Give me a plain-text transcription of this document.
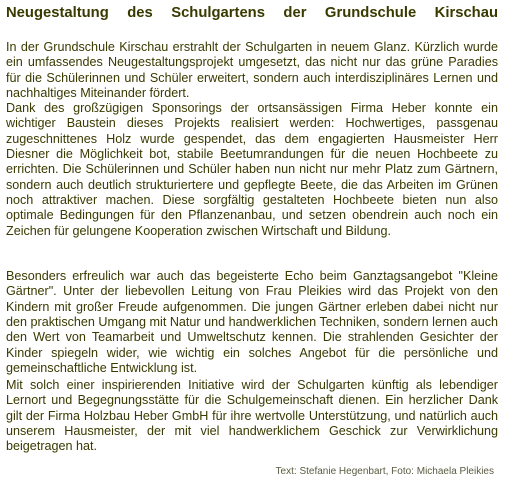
Neugestaltung des Schulgartens der Grundschule Kirschau

In der Grundschule Kirschau erstrahlt der Schulgarten in neuem Glanz. Kürzlich wurde ein umfassendes Neugestaltungsprojekt umgesetzt, das nicht nur das grüne Paradies für die Schülerinnen und Schüler erweitert, sondern auch interdisziplinäres Lernen und nachhaltiges Miteinander fördert.

Dank des großzügigen Sponsorings der ortsansässigen Firma Heber konnte ein wichtiger Baustein dieses Projekts realisiert werden: Hochwertiges, passgenau zugeschnittenes Holz wurde gespendet, das dem engagierten Hausmeister Herr Diesner die Möglichkeit bot, stabile Beetumrandungen für die neuen Hochbeete zu errichten. Die Schülerinnen und Schüler haben nun nicht nur mehr Platz zum Gärtnern, sondern auch deutlich strukturiertere und gepflegte Beete, die das Arbeiten im Grünen noch attraktiver machen. Diese sorgfältig gestalteten Hochbeete bieten nun also optimale Bedingungen für den Pflanzenanbau, und setzen obendrein auch noch ein Zeichen für gelungene Kooperation zwischen Wirtschaft und Bildung.

Besonders erfreulich war auch das begeisterte Echo beim Ganztagsangebot "Kleine Gärtner". Unter der liebevollen Leitung von Frau Pleikies wird das Projekt von den Kindern mit großer Freude aufgenommen. Die jungen Gärtner erleben dabei nicht nur den praktischen Umgang mit Natur und handwerklichen Techniken, sondern lernen auch den Wert von Teamarbeit und Umweltschutz kennen. Die strahlenden Gesichter der Kinder spiegeln wider, wie wichtig ein solches Angebot für die persönliche und gemeinschaftliche Entwicklung ist.

Mit solch einer inspirierenden Initiative wird der Schulgarten künftig als lebendiger Lernort und Begegnungsstätte für die Schulgemeinschaft dienen. Ein herzlicher Dank gilt der Firma Holzbau Heber GmbH für ihre wertvolle Unterstützung, und natürlich auch unserem Hausmeister, der mit viel handwerklichem Geschick zur Verwirklichung beigetragen hat.

Text: Stefanie Hegenbart, Foto: Michaela Pleikies
